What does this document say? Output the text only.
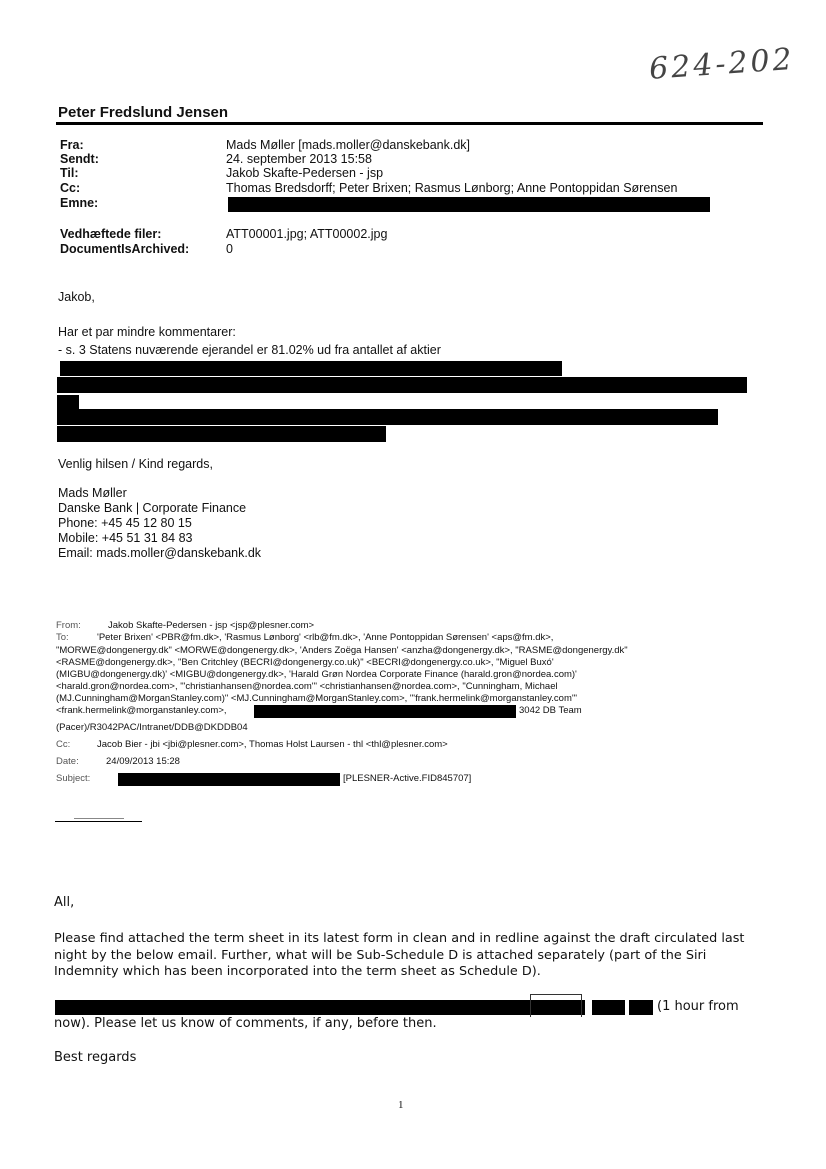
624-202
Peter Fredslund Jensen
Fra:	Mads Møller [mads.moller@danskebank.dk]
Sendt:	24. september 2013 15:58
Til:	Jakob Skafte-Pedersen - jsp
Cc:	Thomas Bredsdorff; Peter Brixen; Rasmus Lønborg; Anne Pontoppidan Sørensen
Emne:
Vedhæftede filer:	ATT00001.jpg; ATT00002.jpg
DocumentIsArchived:	0
Jakob,
Har et par mindre kommentarer:
- s. 3 Statens nuværende ejerandel er 81.02% ud fra antallet af aktier
Venlig hilsen / Kind regards,
Mads Møller
Danske Bank | Corporate Finance
Phone: +45 45 12 80 15
Mobile: +45 51 31 84 83
Email: mads.moller@danskebank.dk
From:	Jakob Skafte-Pedersen - jsp <jsp@plesner.com>
To:	'Peter Brixen' <PBR@fm.dk>, 'Rasmus Lønborg' <rlb@fm.dk>, 'Anne Pontoppidan Sørensen' <aps@fm.dk>,
"MORWE@dongenergy.dk" <MORWE@dongenergy.dk>, 'Anders Zoëga Hansen' <anzha@dongenergy.dk>, "RASME@dongenergy.dk"
<RASME@dongenergy.dk>, "Ben Critchley (BECRI@dongenergy.co.uk)" <BECRI@dongenergy.co.uk>, "Miguel Buxó'
(MIGBU@dongenergy.dk)' <MIGBU@dongenergy.dk>, 'Harald Grøn Nordea Corporate Finance (harald.gron@nordea.com)'
<harald.gron@nordea.com>, "'christianhansen@nordea.com'" <christianhansen@nordea.com>, "Cunningham, Michael
(MJ.Cunningham@MorganStanley.com)" <MJ.Cunningham@MorganStanley.com>, "'frank.hermelink@morganstanley.com'"
<frank.hermelink@morganstanley.com>,	3042 DB Team
(Pacer)/R3042PAC/Intranet/DDB@DKDDB04
Cc:	Jacob Bier - jbi <jbi@plesner.com>, Thomas Holst Laursen - thl <thl@plesner.com>
Date:	24/09/2013 15:28
Subject:	[PLESNER-Active.FID845707]
All,
Please find attached the term sheet in its latest form in clean and in redline against the draft circulated last night by the below email. Further, what will be Sub-Schedule D is attached separately (part of the Siri Indemnity which has been incorporated into the term sheet as Schedule D).
(1 hour from
now). Please let us know of comments, if any, before then.
Best regards
1
